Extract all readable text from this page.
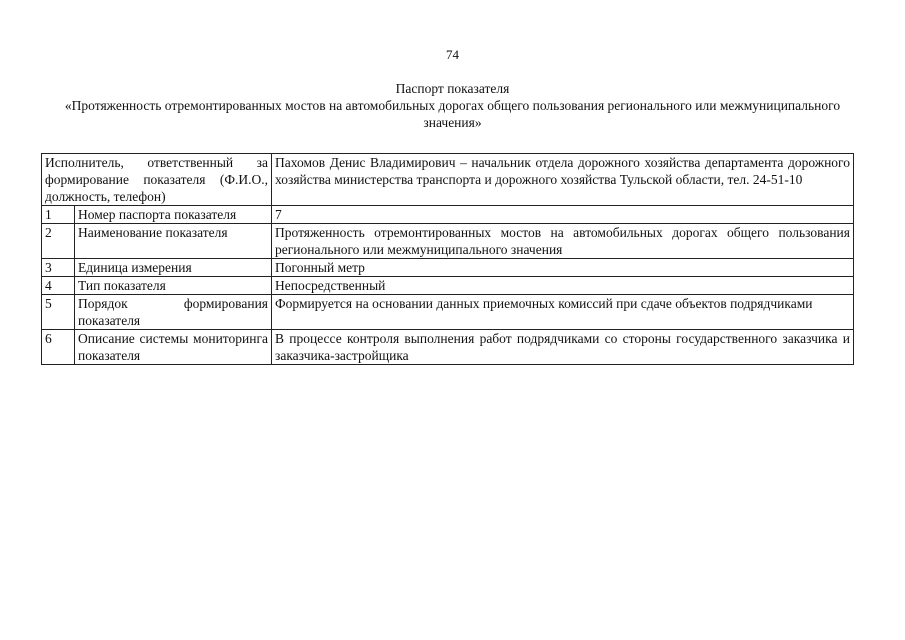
74
Паспорт показателя
«Протяженность отремонтированных мостов на автомобильных дорогах общего пользования регионального или межмуниципального значения»
Исполнитель, ответственный за формирование показателя (Ф.И.О., должность, телефон)		Пахомов Денис Владимирович – начальник отдела дорожного хозяйства департамента дорожного хозяйства министерства транспорта и дорожного хозяйства Тульской области, тел. 24-51-10
1	Номер паспорта показателя	7
2	Наименование показателя	Протяженность отремонтированных мостов на автомобильных дорогах общего пользования регионального или межмуниципального значения
3	Единица измерения	Погонный метр
4	Тип показателя	Непосредственный
5	Порядок формирования показателя	Формируется на основании данных приемочных комиссий при сдаче объектов подрядчиками
6	Описание системы мониторинга показателя	В процессе контроля выполнения работ подрядчиками со стороны государственного заказчика и заказчика-застройщика
